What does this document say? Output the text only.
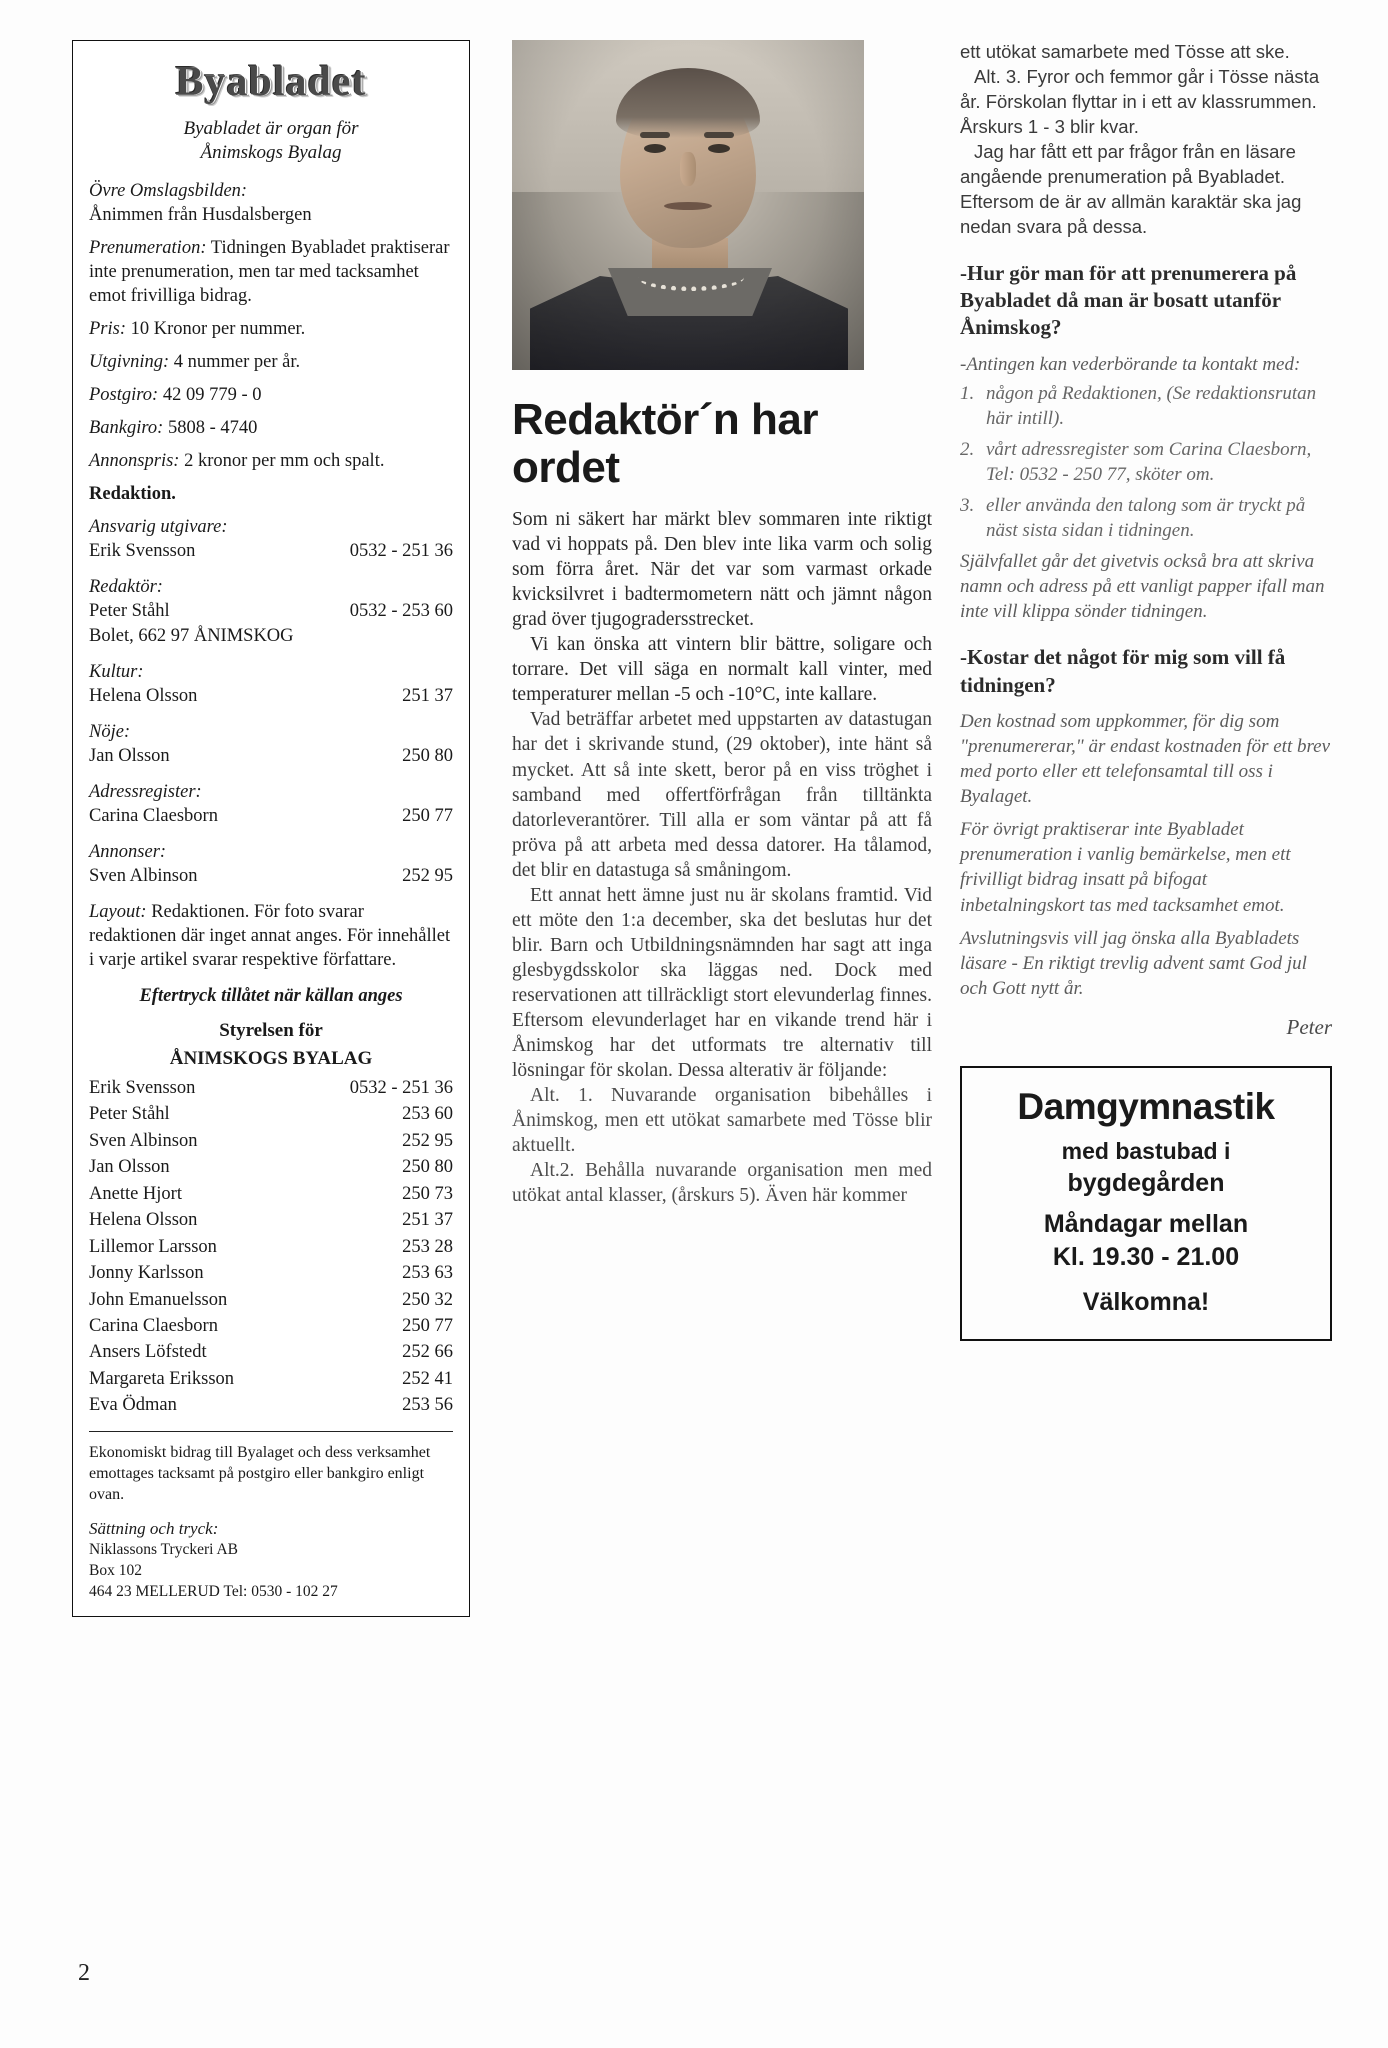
Byabladet
Byabladet är organ för
Ånimskogs Byalag
Övre Omslagsbilden:
Ånimmen från Husdalsbergen
Prenumeration: Tidningen Byabladet praktiserar inte prenumeration, men tar med tacksamhet emot frivilliga bidrag.
Pris: 10 Kronor per nummer.
Utgivning: 4 nummer per år.
Postgiro: 42 09 779 - 0
Bankgiro: 5808 - 4740
Annonspris: 2 kronor per mm och spalt.
Redaktion.
Ansvarig utgivare:
Erik Svensson	0532 - 251 36
Redaktör:
Peter Ståhl	0532 - 253 60
Bolet, 662 97 ÅNIMSKOG
Kultur:
Helena Olsson	251 37
Nöje:
Jan Olsson	250 80
Adressregister:
Carina Claesborn	250 77
Annonser:
Sven Albinson	252 95
Layout: Redaktionen. För foto svarar redaktionen där inget annat anges. För innehållet i varje artikel svarar respektive författare.
Eftertryck tillåtet när källan anges
Styrelsen för
ÅNIMSKOGS BYALAG
Erik Svensson	0532 - 251 36
Peter Ståhl	253 60
Sven Albinson	252 95
Jan Olsson	250 80
Anette Hjort	250 73
Helena Olsson	251 37
Lillemor Larsson	253 28
Jonny Karlsson	253 63
John Emanuelsson	250 32
Carina Claesborn	250 77
Ansers Löfstedt	252 66
Margareta Eriksson	252 41
Eva Ödman	253 56
Ekonomiskt bidrag till Byalaget och dess verksamhet emottages tacksamt på postgiro eller bankgiro enligt ovan.
Sättning och tryck:
Niklassons Tryckeri AB
Box 102
464 23 MELLERUD Tel: 0530 - 102 27
Redaktör´n har ordet

Som ni säkert har märkt blev sommaren inte riktigt vad vi hoppats på. Den blev inte lika varm och solig som förra året. När det var som varmast orkade kvicksilvret i badtermometern nätt och jämnt någon grad över tjugogradersstrecket.

Vi kan önska att vintern blir bättre, soligare och torrare. Det vill säga en normalt kall vinter, med temperaturer mellan -5 och -10°C, inte kallare.

Vad beträffar arbetet med uppstarten av datastugan har det i skrivande stund, (29 oktober), inte hänt så mycket. Att så inte skett, beror på en viss tröghet i samband med offertförfrågan från tilltänkta datorleverantörer. Till alla er som väntar på att få pröva på att arbeta med dessa datorer. Ha tålamod, det blir en datastuga så småningom.

Ett annat hett ämne just nu är skolans framtid. Vid ett möte den 1:a december, ska det beslutas hur det blir. Barn och Utbildningsnämnden har sagt att inga glesbygdsskolor ska läggas ned. Dock med reservationen att tillräckligt stort elevunderlag finnes. Eftersom elevunderlaget har en vikande trend här i Ånimskog har det utformats tre alternativ till lösningar för skolan. Dessa alterativ är följande:

Alt. 1. Nuvarande organisation bibehålles i Ånimskog, men ett utökat samarbete med Tösse blir aktuellt.

Alt.2. Behålla nuvarande organisation men med utökat antal klasser, (årskurs 5). Även här kommer

ett utökat samarbete med Tösse att ske.

Alt. 3. Fyror och femmor går i Tösse nästa år. Förskolan flyttar in i ett av klassrummen. Årskurs 1 - 3 blir kvar.

Jag har fått ett par frågor från en läsare angående prenumeration på Byabladet. Eftersom de är av allmän karaktär ska jag nedan svara på dessa.

-Hur gör man för att prenumerera på Byabladet då man är bosatt utanför Ånimskog?
-Antingen kan vederbörande ta kontakt med:
1. någon på Redaktionen, (Se redaktionsrutan här intill).
2. vårt adressregister som Carina Claesborn, Tel: 0532 - 250 77, sköter om.
3. eller använda den talong som är tryckt på näst sista sidan i tidningen.
Självfallet går det givetvis också bra att skriva namn och adress på ett vanligt papper ifall man inte vill klippa sönder tidningen.
-Kostar det något för mig som vill få tidningen?
Den kostnad som uppkommer, för dig som "prenumererar," är endast kostnaden för ett brev med porto eller ett telefonsamtal till oss i Byalaget.
För övrigt praktiserar inte Byabladet prenumeration i vanlig bemärkelse, men ett frivilligt bidrag insatt på bifogat inbetalningskort tas med tacksamhet emot.
Avslutningsvis vill jag önska alla Byabladets läsare - En riktigt trevlig advent samt God jul och Gott nytt år.
Peter
Damgymnastik
med bastubad i
bygdegården
Måndagar mellan
Kl. 19.30 - 21.00
Välkomna!
2
